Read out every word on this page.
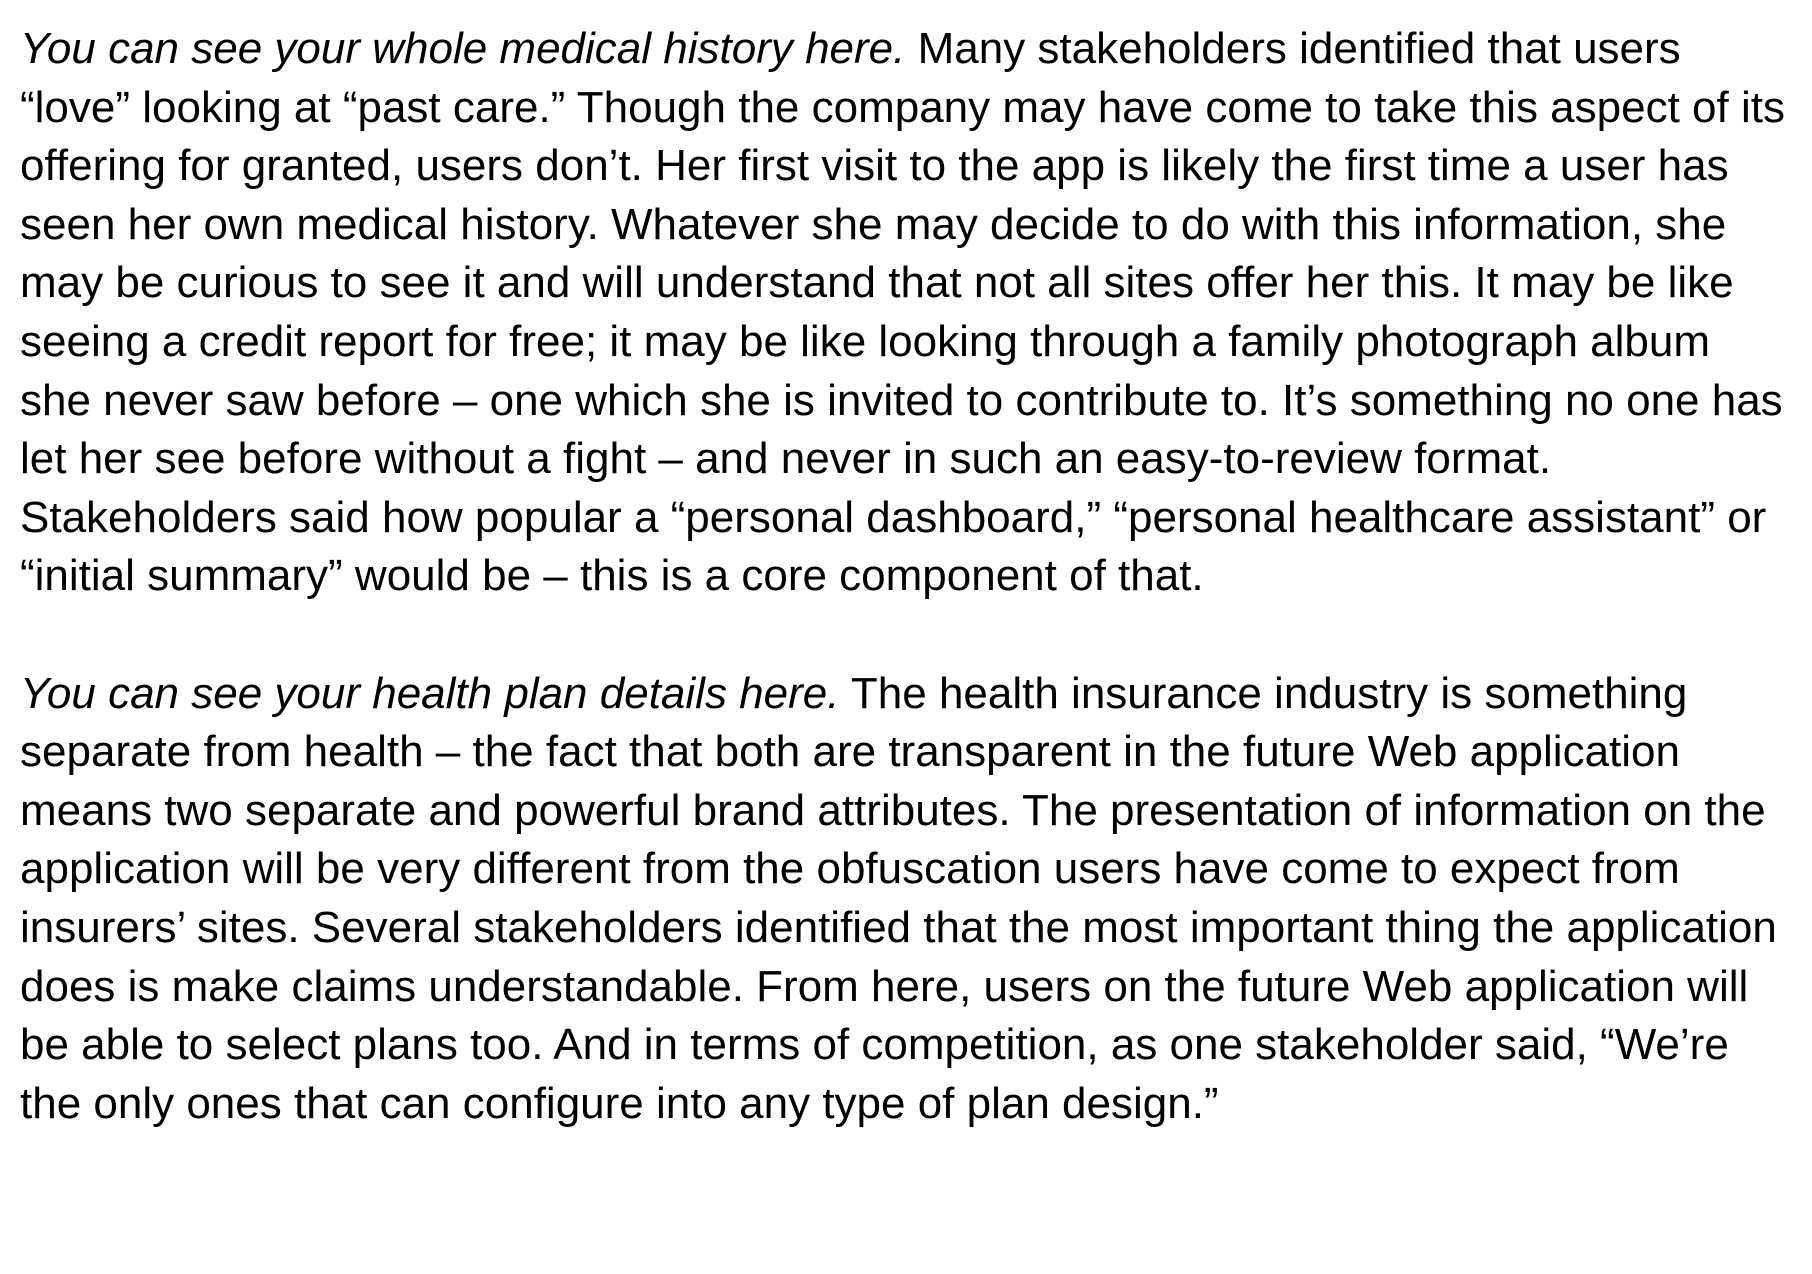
You can see your whole medical history here. Many stakeholders identified that users “love” looking at “past care.” Though the company may have come to take this aspect of its offering for granted, users don’t. Her first visit to the app is likely the first time a user has seen her own medical history. Whatever she may decide to do with this information, she may be curious to see it and will understand that not all sites offer her this. It may be like seeing a credit report for free; it may be like looking through a family photograph album she never saw before – one which she is invited to contribute to. It’s something no one has let her see before without a fight – and never in such an easy-to-review format. Stakeholders said how popular a “personal dashboard,” “personal healthcare assistant” or “initial summary” would be – this is a core component of that.

You can see your health plan details here. The health insurance industry is something separate from health – the fact that both are transparent in the future Web application means two separate and powerful brand attributes. The presentation of information on the application will be very different from the obfuscation users have come to expect from insurers’ sites. Several stakeholders identified that the most important thing the application does is make claims understandable. From here, users on the future Web application will be able to select plans too. And in terms of competition, as one stakeholder said, “We’re the only ones that can configure into any type of plan design.”
